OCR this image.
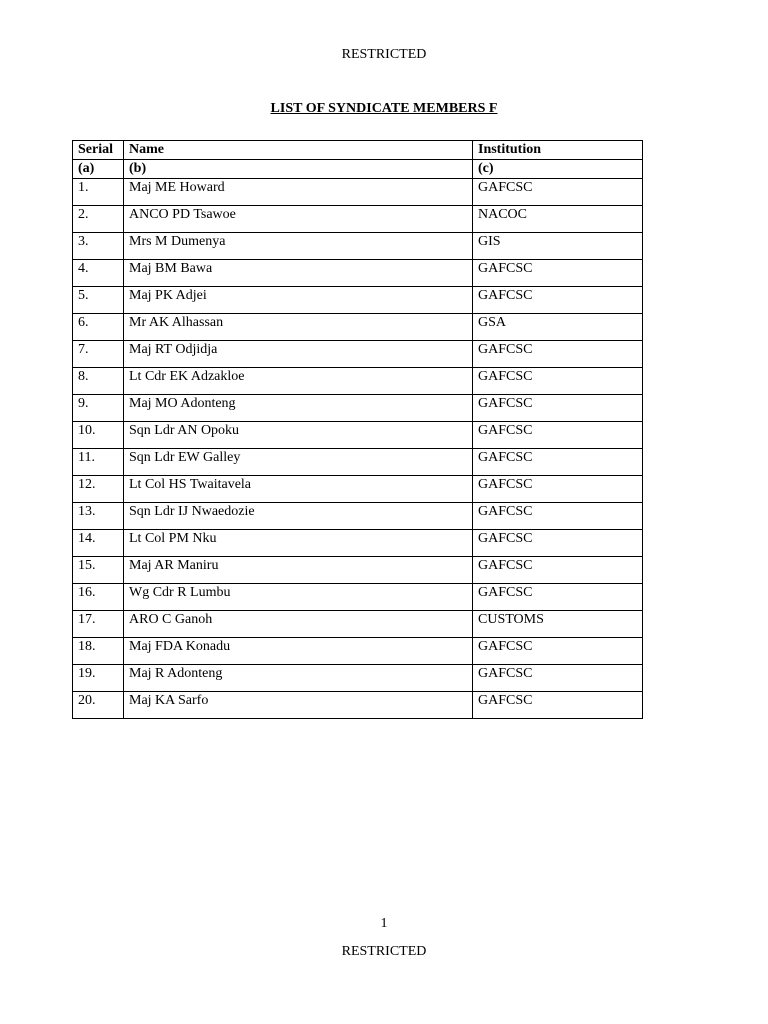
RESTRICTED
LIST OF SYNDICATE MEMBERS F
Serial	Name	Institution
(a)	(b)	(c)
1.	Maj ME Howard	GAFCSC
2.	ANCO PD Tsawoe	NACOC
3.	Mrs M Dumenya	GIS
4.	Maj BM Bawa	GAFCSC
5.	Maj PK Adjei	GAFCSC
6.	Mr AK Alhassan	GSA
7.	Maj RT Odjidja	GAFCSC
8.	Lt Cdr EK Adzakloe	GAFCSC
9.	Maj MO Adonteng	GAFCSC
10.	Sqn Ldr AN Opoku	GAFCSC
11.	Sqn Ldr EW Galley	GAFCSC
12.	Lt Col HS Twaitavela	GAFCSC
13.	Sqn Ldr IJ Nwaedozie	GAFCSC
14.	Lt Col PM Nku	GAFCSC
15.	Maj AR Maniru	GAFCSC
16.	Wg Cdr R Lumbu	GAFCSC
17.	ARO C Ganoh	CUSTOMS
18.	Maj FDA Konadu	GAFCSC
19.	Maj R Adonteng	GAFCSC
20.	Maj KA Sarfo	GAFCSC
1
RESTRICTED
